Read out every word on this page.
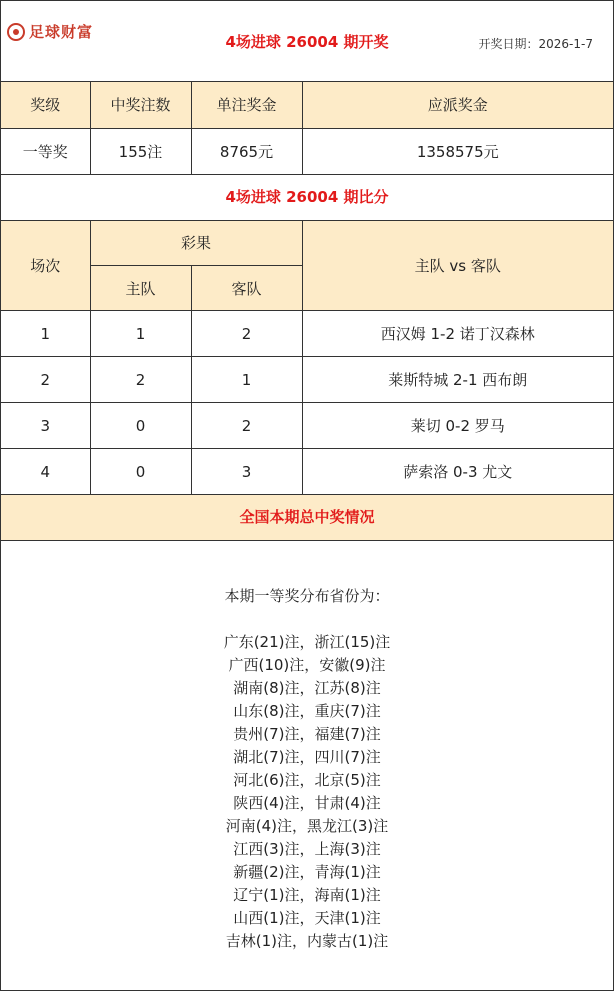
足球财富
4场进球 26004 期开奖	开奖日期：2026-1-7
奖级	中奖注数	单注奖金	应派奖金
一等奖	155注	8765元	1358575元
4场进球 26004 期比分
场次	彩果		主队 vs 客队
	主队	客队	
1	1	2	西汉姆 1-2 诺丁汉森林
2	2	1	莱斯特城 2-1 西布朗
3	0	2	莱切 0-2 罗马
4	0	3	萨索洛 0-3 尤文
全国本期总中奖情况
本期一等奖分布省份为：
广东(21)注，浙江(15)注
广西(10)注，安徽(9)注
湖南(8)注，江苏(8)注
山东(8)注，重庆(7)注
贵州(7)注，福建(7)注
湖北(7)注，四川(7)注
河北(6)注，北京(5)注
陕西(4)注，甘肃(4)注
河南(4)注，黑龙江(3)注
江西(3)注，上海(3)注
新疆(2)注，青海(1)注
辽宁(1)注，海南(1)注
山西(1)注，天津(1)注
吉林(1)注，内蒙古(1)注
